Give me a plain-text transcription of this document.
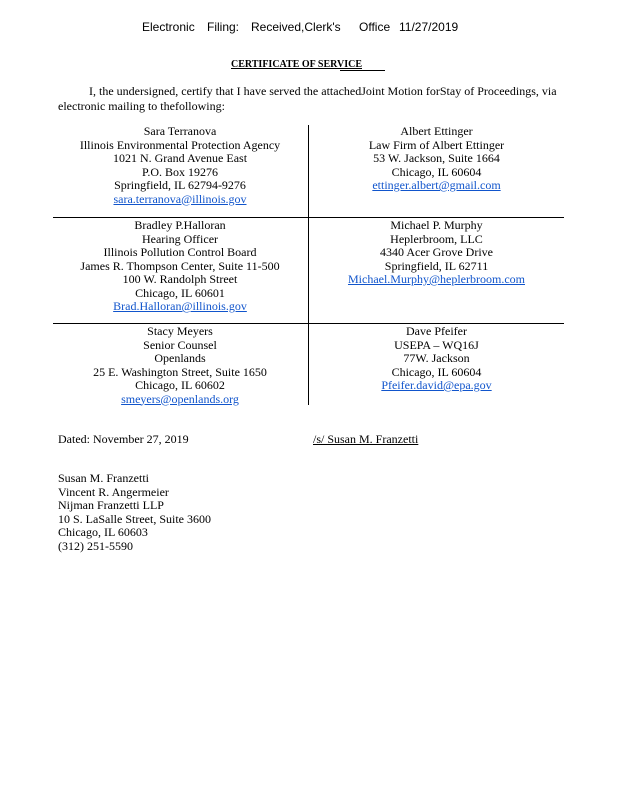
Electronic Filing: Received,Clerk's Office 11/27/2019
CERTIFICATE OF SERVICE
I, the undersigned, certify that I have served the attachedJoint Motion forStay of Proceedings, via electronic mailing to thefollowing:
Sara Terranova
Illinois Environmental Protection Agency
1021 N. Grand Avenue East
P.O. Box 19276
Springfield, IL 62794-9276
sara.terranova@illinois.gov
Albert Ettinger
Law Firm of Albert Ettinger
53 W. Jackson, Suite 1664
Chicago, IL 60604
ettinger.albert@gmail.com
Bradley P.Halloran
Hearing Officer
Illinois Pollution Control Board
James R. Thompson Center, Suite 11-500
100 W. Randolph Street
Chicago, IL 60601
Brad.Halloran@illinois.gov
Michael P. Murphy
Heplerbroom, LLC
4340 Acer Grove Drive
Springfield, IL 62711
Michael.Murphy@heplerbroom.com
Stacy Meyers
Senior Counsel
Openlands
25 E. Washington Street, Suite 1650
Chicago, IL 60602
smeyers@openlands.org
Dave Pfeifer
USEPA – WQ16J
77W. Jackson
Chicago, IL 60604
Pfeifer.david@epa.gov
Dated: November 27, 2019	/s/ Susan M. Franzetti
Susan M. Franzetti
Vincent R. Angermeier
Nijman Franzetti LLP
10 S. LaSalle Street, Suite 3600
Chicago, IL 60603
(312) 251-5590
